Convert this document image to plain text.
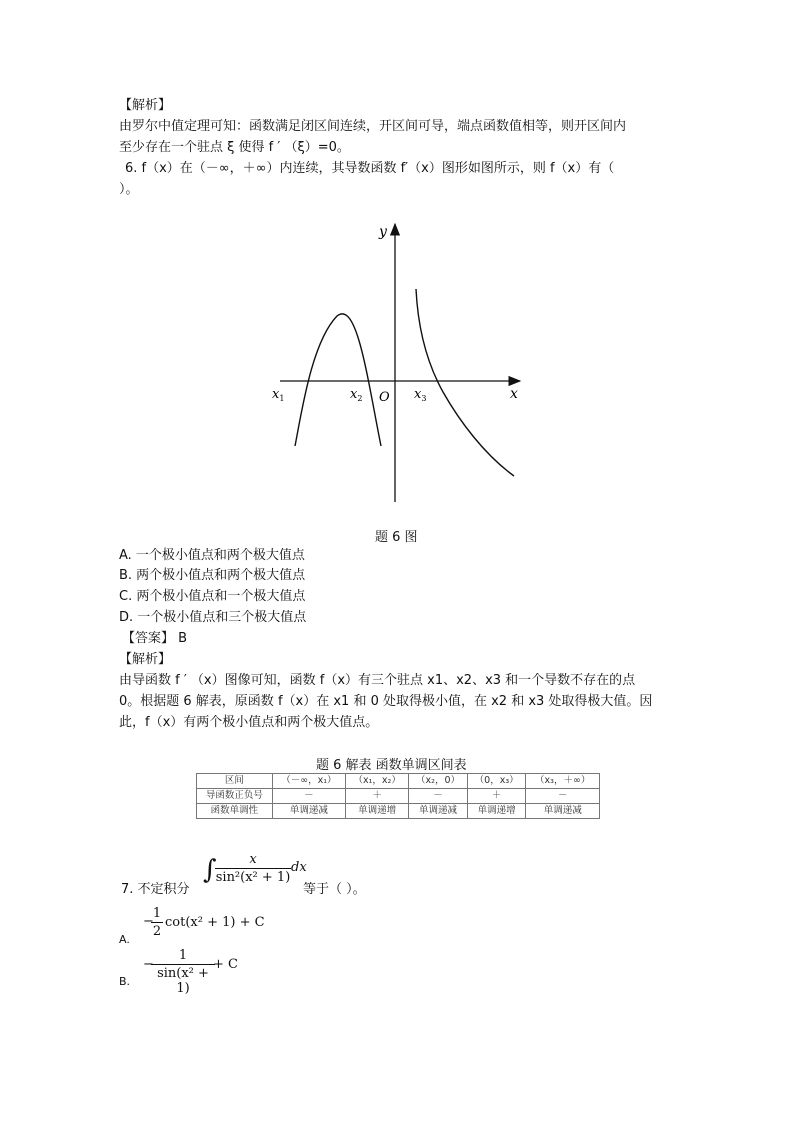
【解析】
由罗尔中值定理可知：函数满足闭区间连续，开区间可导，端点函数值相等，则开区间内
至少存在一个驻点 ξ 使得 f ′ （ξ）=0。
6. f（x）在（－∞，＋∞）内连续，其导数函数 f′（x）图形如图所示，则 f（x）有（
）。
y
x
O
$x_1$	$x_2$	$x_3$
题 6 图
A. 一个极小值点和两个极大值点
B. 两个极小值点和两个极大值点
C. 两个极小值点和一个极大值点
D. 一个极小值点和三个极大值点
【答案】 B
【解析】
由导函数 f ′ （x）图像可知，函数 f（x）有三个驻点 x1、x2、x3 和一个导数不存在的点
0。根据题 6 解表，原函数 f（x）在 x1 和 0 处取得极小值，在 x2 和 x3 处取得极大值。因
此，f（x）有两个极小值点和两个极大值点。
题 6 解表 函数单调区间表
区间	（－∞，x₁）	（x₁，x₂）	（x₂，0）	（0，x₃）	（x₃，＋∞）
导函数正负号	－	＋	－	＋	－
函数单调性	单调递减	单调递增	单调递减	单调递增	单调递减
7. 不定积分
∫	x
sin²(x² + 1)
dx
等于（ ）。
−
1
2
cot(x² + 1) + C
A.
−
1
sin(x² + 1)
+ C
B.
